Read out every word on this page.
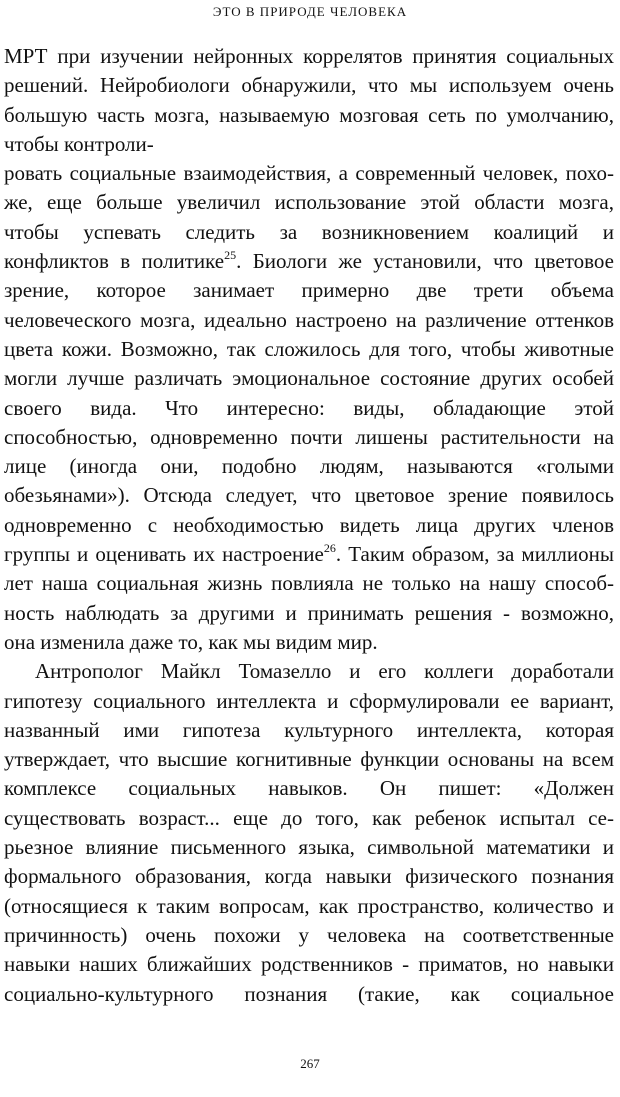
ЭТО В ПРИРОДЕ ЧЕЛОВЕКА
МРТ при изучении нейронных коррелятов принятия социальных
решений. Нейробиологи обнаружили, что мы используем очень
большую часть мозга, называемую мозговая сеть по умолчанию,
чтобы контроли-
ровать социальные взаимодействия, а современный человек, похо-
же, еще больше увеличил использование этой области мозга,
чтобы успевать следить за возникновением коалиций и
конфликтов в политике$^{25}$. Биологи же установили, что цветовое
зрение, которое занимает примерно две трети объема
человеческого мозга, идеально настроено на различение оттенков
цвета кожи. Возможно, так сложилось для того, чтобы животные
могли лучше различать эмоциональное состояние других особей
своего вида. Что интересно: виды, обладающие этой
способностью, одновременно почти лишены растительности на
лице (иногда они, подобно людям, называются «голыми
обезьянами»). Отсюда следует, что цветовое зрение появилось
одновременно с необходимостью видеть лица других членов
группы и оценивать их настроение$^{26}$. Таким образом, за миллионы
лет наша социальная жизнь повлияла не только на нашу способ-
ность наблюдать за другими и принимать решения - возможно,
она изменила даже то, как мы видим мир.
Антрополог Майкл Томазелло и его коллеги доработали
гипотезу социального интеллекта и сформулировали ее вариант,
названный ими гипотеза культурного интеллекта, которая
утверждает, что высшие когнитивные функции основаны на всем
комплексе социальных навыков. Он пишет: «Должен
существовать возраст... еще до того, как ребенок испытал се-
рьезное влияние письменного языка, символьной математики и
формального образования, когда навыки физического познания
(относящиеся к таким вопросам, как пространство, количество и
причинность) очень похожи у человека на соответственные
навыки наших ближайших родственников - приматов, но навыки
социально-культурного познания (такие, как социальное
267
